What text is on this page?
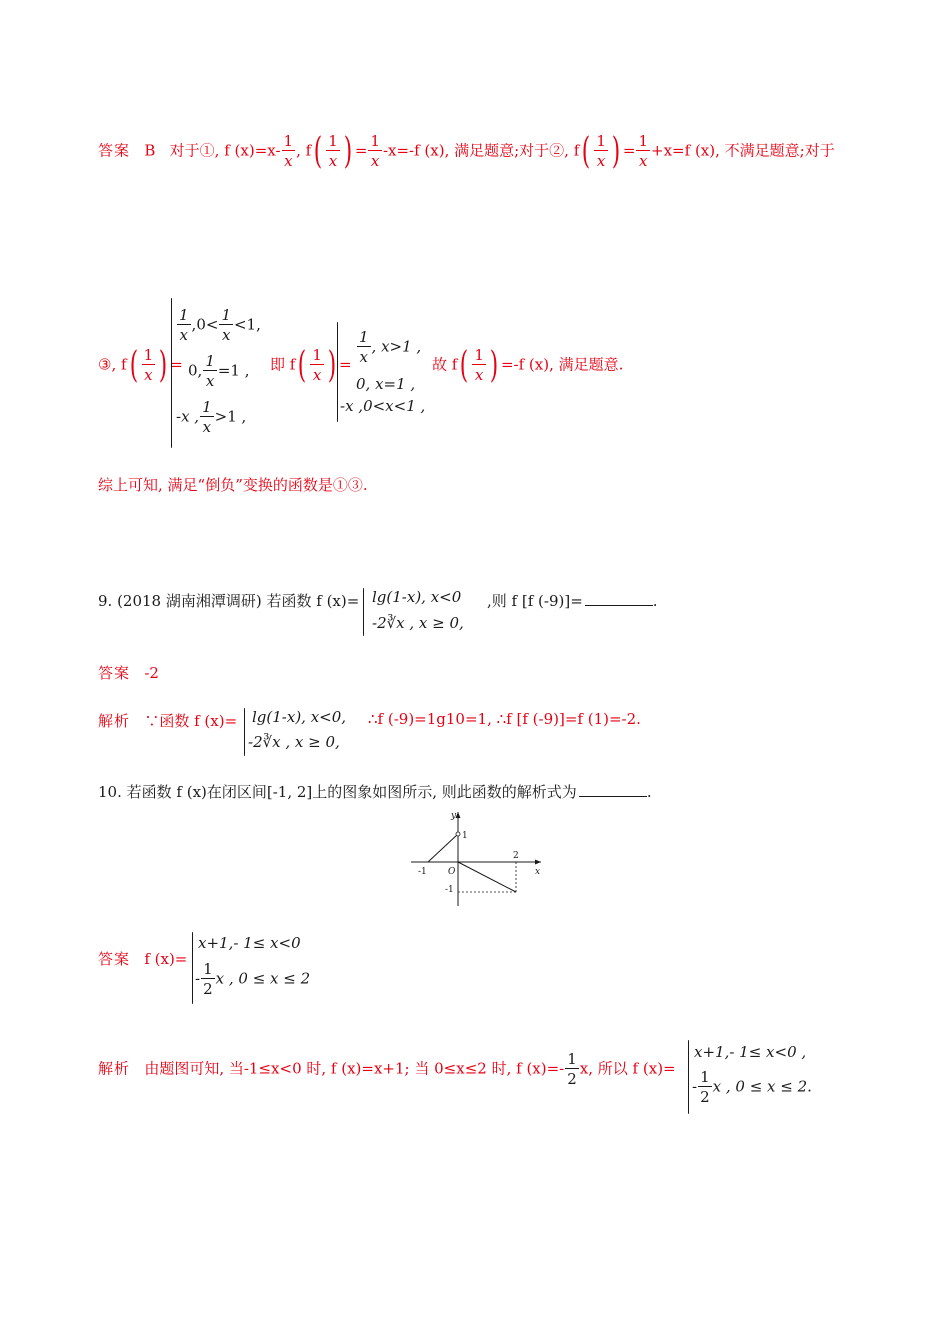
答案 B 对于①, f $(x)=x- \frac{1}{x}$ , $f( \frac{1}{x}$ ) = $\frac{1}{x} -x=-f$ (x), 满足题意;对于②, $f( \frac{1}{x}$ ) = $\frac{1}{x} +x=f$ (x), 不满足题意;对于
③, $f( \frac{1}{x}$ ) =
$\frac{1}{x} ,0< \frac{1}{x} <1$,
0, $\frac{1}{x} =1$ ,
-x , $\frac{1}{x} >1$ ,
即 $f( \frac{1}{x}$ ) = $\frac{1}{x}$ , x>1 ,
0, x=1 ,
-x ,0<x<1 ,
故 $f( \frac{1}{x}$ ) =-f (x), 满足题意.
综上可知, 满足“倒负”变换的函数是①③.
9. (2018 湖南湘潭调研) 若函数 f (x)= lg(1-x), x<0 ,则 f [f (-9)]=	.
-2∛x , x ≥ 0,
答案 -2
解析 ∵函数 f (x)= lg(1-x), x<0, ∴f (-9)=1g10=1, ∴f [f (-9)]=f (1)=-2.
-2∛x , x ≥ 0,
10. 若函数 f (x)在闭区间[-1, 2]上的图象如图所示, 则此函数的解析式为	.
y
x
O
-1
2
1
-1
答案 f (x)=
x+1,- 1≤ x<0
- $\frac{1}{2}$ x , 0 ≤ x ≤ 2
解析 由题图可知, 当-1≤x<0 时, f (x)=x+1; 当 0≤x≤2 时, f $(x)=- \frac{1}{2} x$, 所以 f (x)=
x+1,- 1≤ x<0 ,
- $\frac{1}{2}$ x , 0 ≤ x ≤ 2.
